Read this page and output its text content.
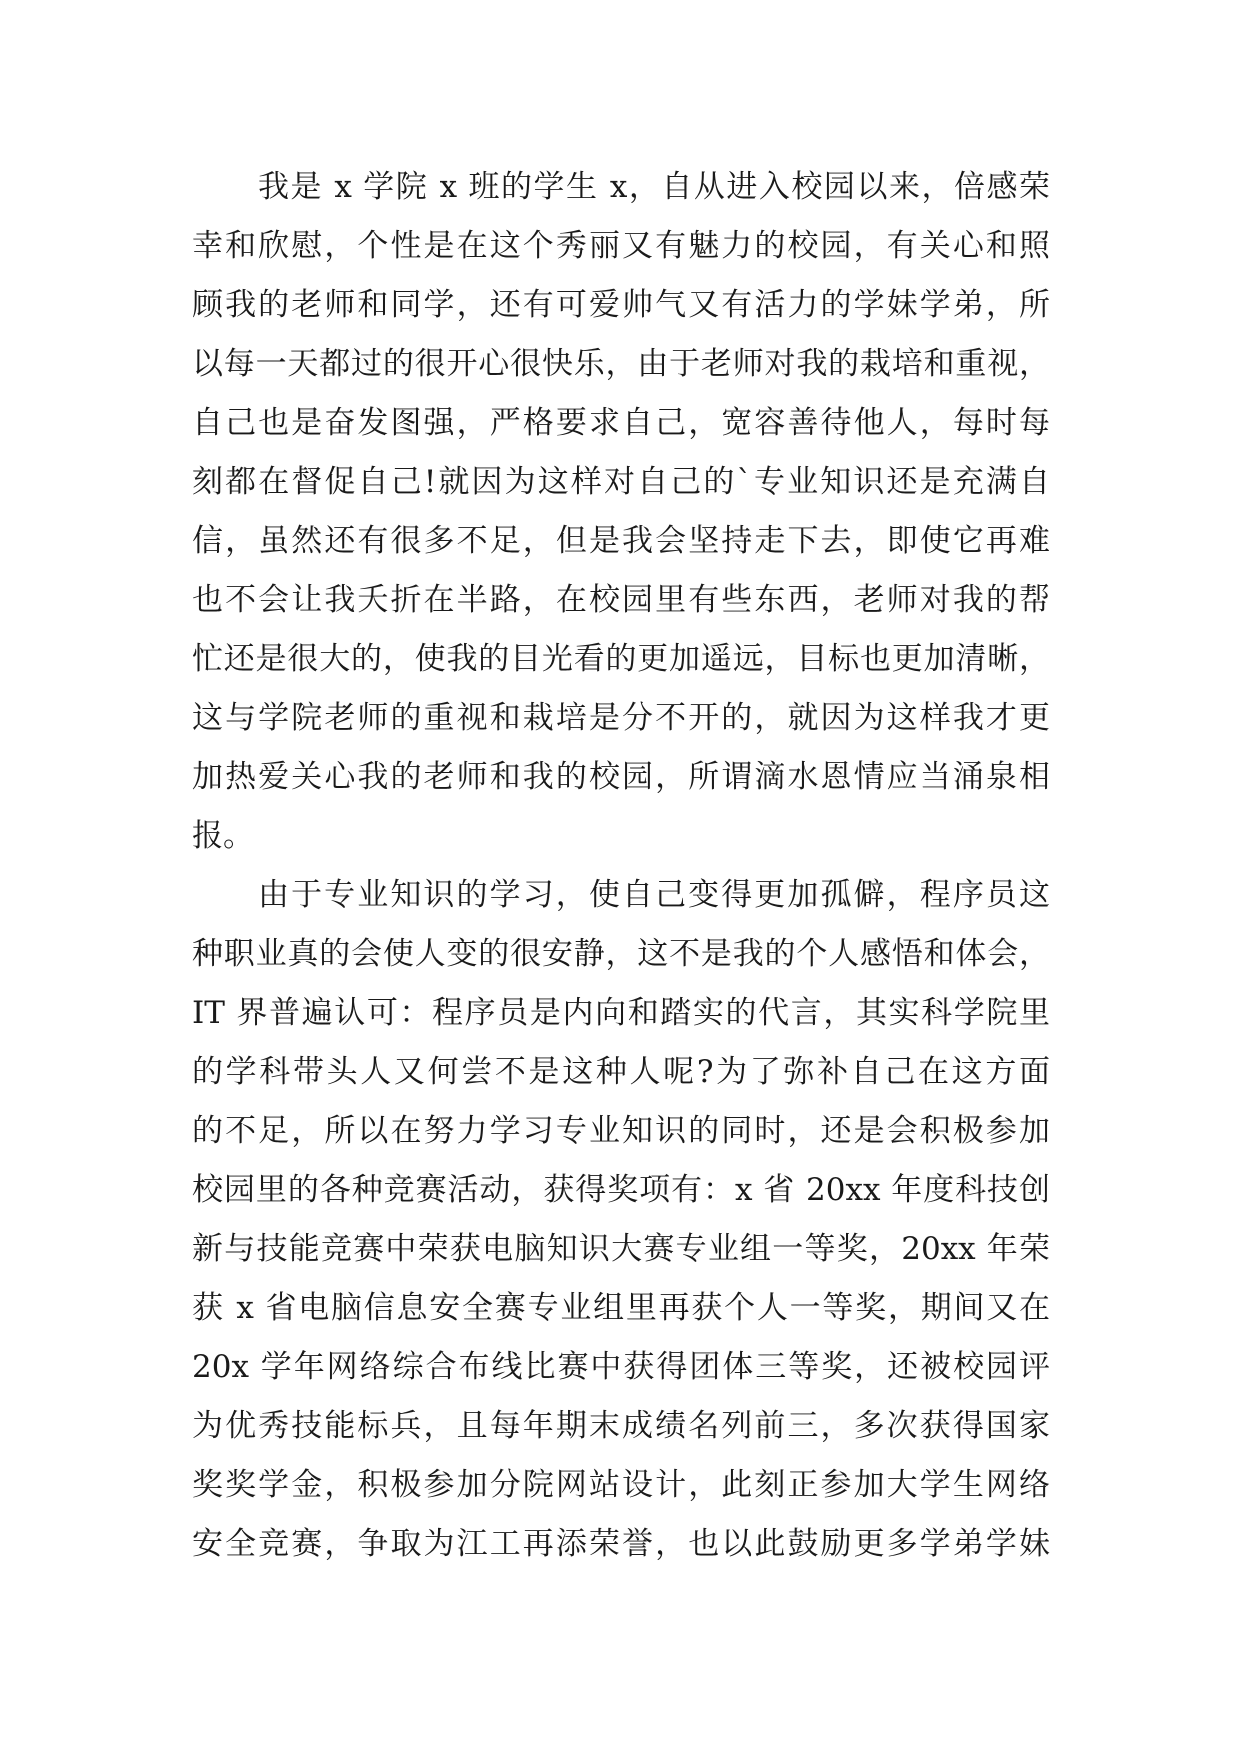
我是 x 学院 x 班的学生 x，自从进入校园以来，倍感荣
幸和欣慰，个性是在这个秀丽又有魅力的校园，有关心和照
顾我的老师和同学，还有可爱帅气又有活力的学妹学弟，所
以每一天都过的很开心很快乐，由于老师对我的栽培和重视，
自己也是奋发图强，严格要求自己，宽容善待他人，每时每
刻都在督促自己!就因为这样对自己的`专业知识还是充满自
信，虽然还有很多不足，但是我会坚持走下去，即使它再难
也不会让我夭折在半路，在校园里有些东西，老师对我的帮
忙还是很大的，使我的目光看的更加遥远，目标也更加清晰，
这与学院老师的重视和栽培是分不开的，就因为这样我才更
加热爱关心我的老师和我的校园，所谓滴水恩情应当涌泉相
报。
由于专业知识的学习，使自己变得更加孤僻，程序员这
种职业真的会使人变的很安静，这不是我的个人感悟和体会，
IT 界普遍认可：程序员是内向和踏实的代言，其实科学院里
的学科带头人又何尝不是这种人呢?为了弥补自己在这方面
的不足，所以在努力学习专业知识的同时，还是会积极参加
校园里的各种竞赛活动，获得奖项有：x 省 20xx 年度科技创
新与技能竞赛中荣获电脑知识大赛专业组一等奖，20xx 年荣
获 x 省电脑信息安全赛专业组里再获个人一等奖，期间又在
20x 学年网络综合布线比赛中获得团体三等奖，还被校园评
为优秀技能标兵，且每年期末成绩名列前三，多次获得国家
奖奖学金，积极参加分院网站设计，此刻正参加大学生网络
安全竞赛，争取为江工再添荣誉，也以此鼓励更多学弟学妹
